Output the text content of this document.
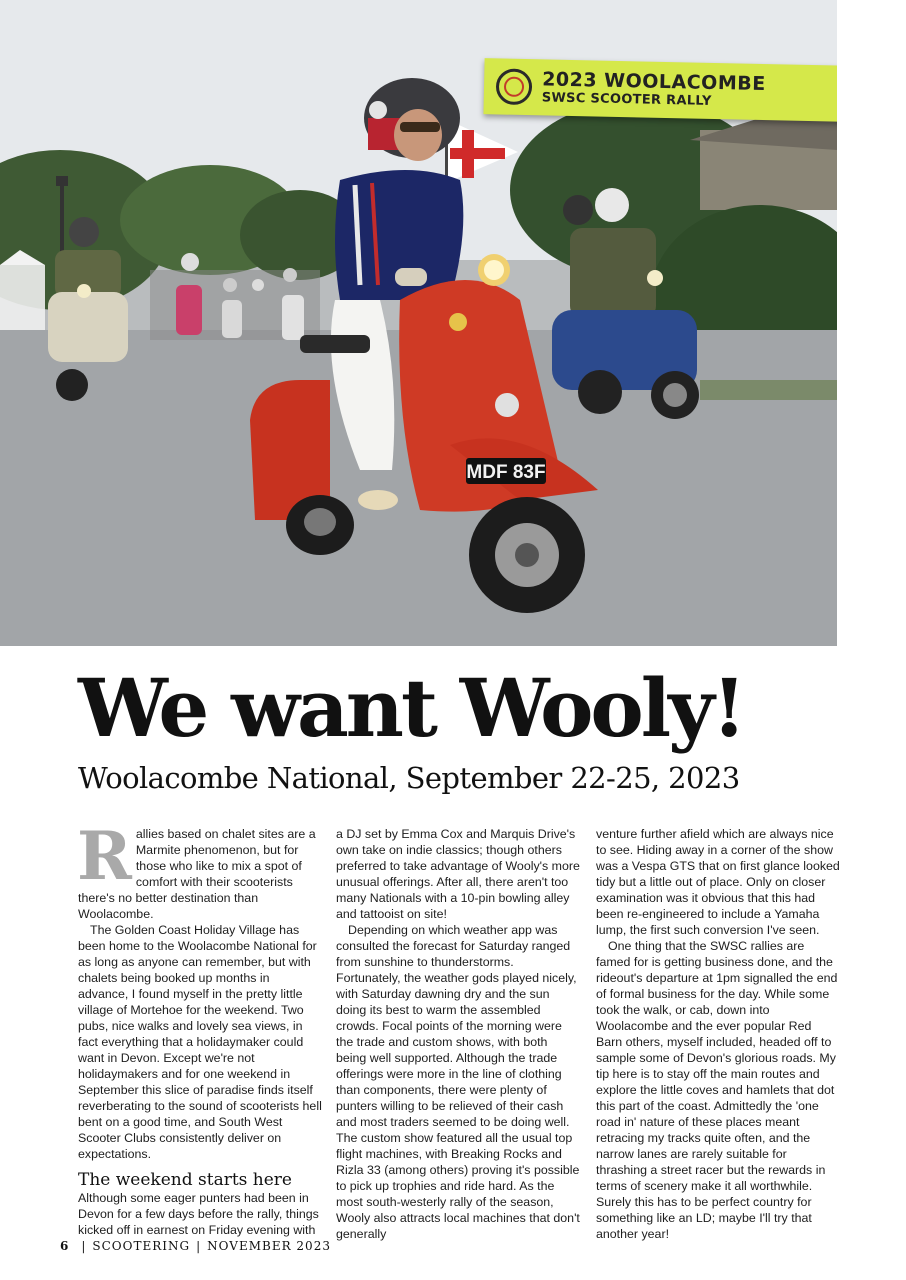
MDF 83F
2023 WOOLACOMBE
SWSC SCOOTER RALLY
We want Wooly!
Woolacombe National, September 22-25, 2023

Rallies based on chalet sites are a Marmite phenomenon, but for those who like to mix a spot of comfort with their scooterists there's no better destination than Woolacombe.

The Golden Coast Holiday Village has been home to the Woolacombe National for as long as anyone can remember, but with chalets being booked up months in advance, I found myself in the pretty little village of Mortehoe for the weekend. Two pubs, nice walks and lovely sea views, in fact everything that a holidaymaker could want in Devon. Except we're not holidaymakers and for one weekend in September this slice of paradise finds itself reverberating to the sound of scooterists hell bent on a good time, and South West Scooter Clubs consistently deliver on expectations.

The weekend starts here

Although some eager punters had been in Devon for a few days before the rally, things kicked off in earnest on Friday evening with

a DJ set by Emma Cox and Marquis Drive's own take on indie classics; though others preferred to take advantage of Wooly's more unusual offerings. After all, there aren't too many Nationals with a 10-pin bowling alley and tattooist on site!

Depending on which weather app was consulted the forecast for Saturday ranged from sunshine to thunderstorms. Fortunately, the weather gods played nicely, with Saturday dawning dry and the sun doing its best to warm the assembled crowds. Focal points of the morning were the trade and custom shows, with both being well supported. Although the trade offerings were more in the line of clothing than components, there were plenty of punters willing to be relieved of their cash and most traders seemed to be doing well. The custom show featured all the usual top flight machines, with Breaking Rocks and Rizla 33 (among others) proving it's possible to pick up trophies and ride hard. As the most south-westerly rally of the season, Wooly also attracts local machines that don't generally

venture further afield which are always nice to see. Hiding away in a corner of the show was a Vespa GTS that on first glance looked tidy but a little out of place. Only on closer examination was it obvious that this had been re-engineered to include a Yamaha lump, the first such conversion I've seen.

One thing that the SWSC rallies are famed for is getting business done, and the rideout's departure at 1pm signalled the end of formal business for the day. While some took the walk, or cab, down into Woolacombe and the ever popular Red Barn others, myself included, headed off to sample some of Devon's glorious roads. My tip here is to stay off the main routes and explore the little coves and hamlets that dot this part of the coast. Admittedly the 'one road in' nature of these places meant retracing my tracks quite often, and the narrow lanes are rarely suitable for thrashing a street racer but the rewards in terms of scenery make it all worthwhile. Surely this has to be perfect country for something like an LD; maybe I'll try that another year!

6 | SCOOTERING | NOVEMBER 2023
